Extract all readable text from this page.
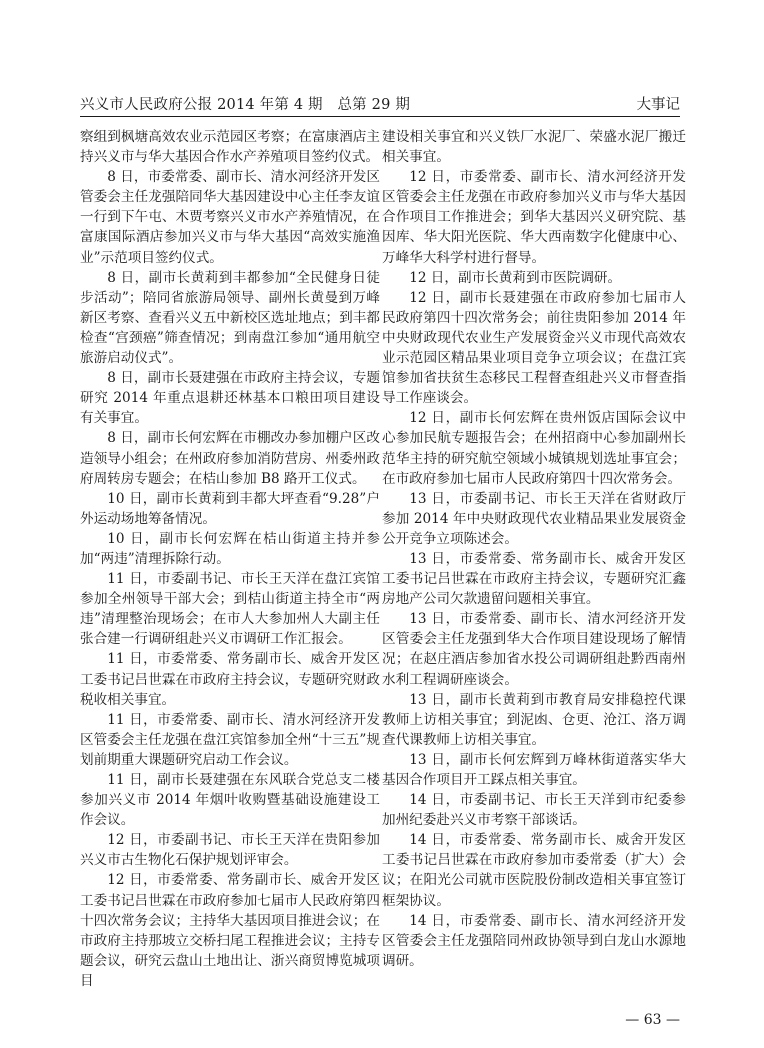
兴义市人民政府公报 2014 年第 4 期　总第 29 期	大事记

察组到枫塘高效农业示范园区考察；在富康酒店主持兴义市与华大基因合作水产养殖项目签约仪式。

8 日，市委常委、副市长、清水河经济开发区管委会主任龙强陪同华大基因建设中心主任李友谊一行到下午屯、木贾考察兴义市水产养殖情况，在富康国际酒店参加兴义市与华大基因“高效实施渔业”示范项目签约仪式。

8 日，副市长黄莉到丰都参加“全民健身日徒步活动”；陪同省旅游局领导、副州长黄曼到万峰新区考察、查看兴义五中新校区选址地点；到丰都检查“宫颈癌”筛查情况；到南盘江参加“通用航空旅游启动仪式”。

8 日，副市长聂建强在市政府主持会议，专题研究 2014 年重点退耕还林基本口粮田项目建设有关事宜。

8 日，副市长何宏辉在市棚改办参加棚户区改造领导小组会；在州政府参加消防营房、州委州政府周转房专题会；在桔山参加 B8 路开工仪式。

10 日，副市长黄莉到丰都大坪查看“9.28”户外运动场地筹备情况。

10 日，副市长何宏辉在桔山街道主持并参加“两违”清理拆除行动。

11 日，市委副书记、市长王天洋在盘江宾馆参加全州领导干部大会；到桔山街道主持全市“两违”清理整治现场会；在市人大参加州人大副主任张合建一行调研组赴兴义市调研工作汇报会。

11 日，市委常委、常务副市长、威舍开发区工委书记吕世霖在市政府主持会议，专题研究财政税收相关事宜。

11 日，市委常委、副市长、清水河经济开发区管委会主任龙强在盘江宾馆参加全州“十三五”规划前期重大课题研究启动工作会议。

11 日，副市长聂建强在东风联合党总支二楼参加兴义市 2014 年烟叶收购暨基础设施建设工作会议。

12 日，市委副书记、市长王天洋在贵阳参加兴义市古生物化石保护规划评审会。

12 日，市委常委、常务副市长、威舍开发区工委书记吕世霖在市政府参加七届市人民政府第四十四次常务会议；主持华大基因项目推进会议；在市政府主持那坡立交桥扫尾工程推进会议；主持专题会议，研究云盘山土地出让、浙兴商贸博览城项目

建设相关事宜和兴义铁厂水泥厂、荣盛水泥厂搬迁相关事宜。

12 日，市委常委、副市长、清水河经济开发区管委会主任龙强在市政府参加兴义市与华大基因合作项目工作推进会；到华大基因兴义研究院、基因库、华大阳光医院、华大西南数字化健康中心、万峰华大科学村进行督导。

12 日，副市长黄莉到市医院调研。

12 日，副市长聂建强在市政府参加七届市人民政府第四十四次常务会；前往贵阳参加 2014 年中央财政现代农业生产发展资金兴义市现代高效农业示范园区精品果业项目竞争立项会议；在盘江宾馆参加省扶贫生态移民工程督查组赴兴义市督查指导工作座谈会。

12 日，副市长何宏辉在贵州饭店国际会议中心参加民航专题报告会；在州招商中心参加副州长范华主持的研究航空领域小城镇规划选址事宜会；在市政府参加七届市人民政府第四十四次常务会。

13 日，市委副书记、市长王天洋在省财政厅参加 2014 年中央财政现代农业精品果业发展资金公开竞争立项陈述会。

13 日，市委常委、常务副市长、威舍开发区工委书记吕世霖在市政府主持会议，专题研究汇鑫房地产公司欠款遗留问题相关事宜。

13 日，市委常委、副市长、清水河经济开发区管委会主任龙强到华大合作项目建设现场了解情况；在赵庄酒店参加省水投公司调研组赴黔西南州水利工程调研座谈会。

13 日，副市长黄莉到市教育局安排稳控代课教师上访相关事宜；到泥凼、仓更、沧江、洛万调查代课教师上访相关事宜。

13 日，副市长何宏辉到万峰林街道落实华大基因合作项目开工踩点相关事宜。

14 日，市委副书记、市长王天洋到市纪委参加州纪委赴兴义市考察干部谈话。

14 日，市委常委、常务副市长、威舍开发区工委书记吕世霖在市政府参加市委常委（扩大）会议；在阳光公司就市医院股份制改造相关事宜签订框架协议。

14 日，市委常委、副市长、清水河经济开发区管委会主任龙强陪同州政协领导到白龙山水源地调研。

— 63 —
